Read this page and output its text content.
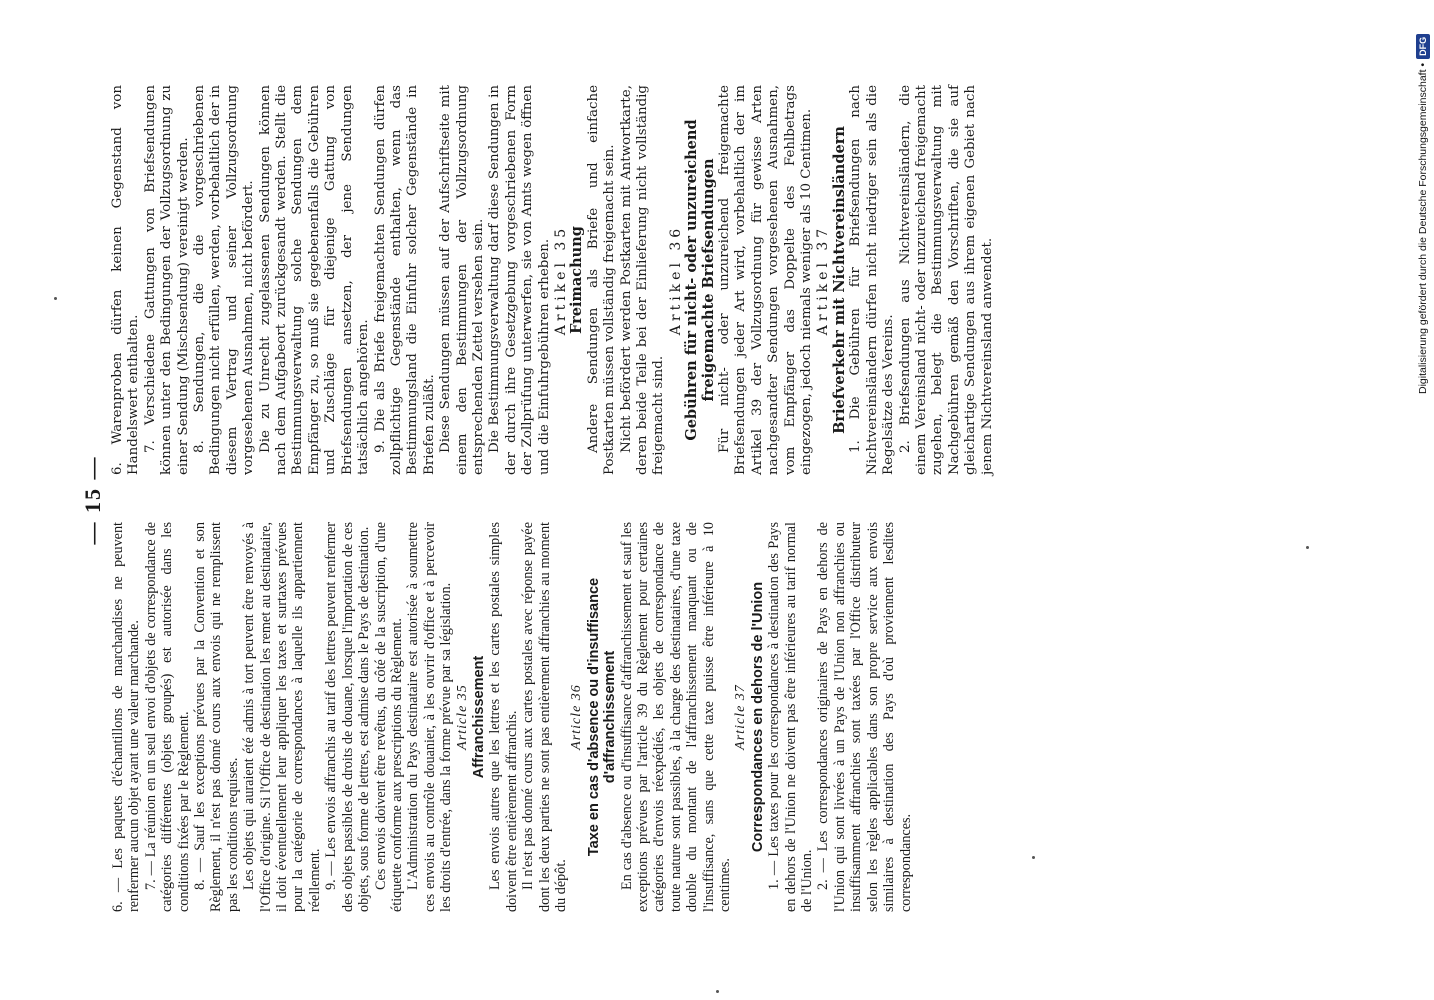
— 15 —

6. — Les paquets d'échantillons de marchandises ne peuvent renfermer aucun objet ayant une valeur marchande. 7. — La réunion en un seul envoi d'objets de correspondance de catégories différentes (objets groupés) est autorisée dans les conditions fixées par le Règlement. 8. — Sauf les exceptions prévues par la Convention et son Règlement, il n'est pas donné cours aux envois qui ne remplissent pas les conditions requises. Les objets qui auraient été admis à tort peuvent être renvoyés à l'Office d'origine. Si l'Office de destination les remet au destinataire, il doit éventuellement leur appliquer les taxes et surtaxes prévues pour la catégorie de correspondances à laquelle ils appartiennent réellement. 9. — Les envois affranchis au tarif des lettres peuvent renfermer des objets passibles de droits de douane, lorsque l'importation de ces objets, sous forme de lettres, est admise dans le Pays de destination. Ces envois doivent être revêtus, du côté de la suscription, d'une étiquette conforme aux prescriptions du Règlement. L'Administration du Pays destinataire est autorisée à soumettre ces envois au contrôle douanier, à les ouvrir d'office et à percevoir les droits d'entrée, dans la forme prévue par sa législation. Article 35 Affranchissement Les envois autres que les lettres et les cartes postales simples doivent être entièrement affranchis. Il n'est pas donné cours aux cartes postales avec réponse payée dont les deux parties ne sont pas entièrement affranchies au moment du dépôt.

Article 36 Taxe en cas d'absence ou d'insuffisance d'affranchissement En cas d'absence ou d'insuffisance d'affranchissement et sauf les exceptions prévues par l'article 39 du Règlement pour certaines catégories d'envois réexpédiés, les objets de correspondance de toute nature sont passibles, à la charge des destinataires, d'une taxe double du montant de l'affranchissement manquant ou de l'insuffisance, sans que cette taxe puisse être inférieure à 10 centimes.

Article 37 Correspondances en dehors de l'Union 1. — Les taxes pour les correspondances à destination des Pays en dehors de l'Union ne doivent pas être inférieures au tarif normal de l'Union. 2. — Les correspondances originaires de Pays en dehors de l'Union qui sont livrées à un Pays de l'Union non affranchies ou insuffisamment affranchies sont taxées par l'Office distributeur selon les règles applicables dans son propre service aux envois similaires à destination des Pays d'où proviennent lesdites correspondances.

6. Warenproben dürfen keinen Gegenstand von Handelswert enthalten. 7. Verschiedene Gattungen von Briefsendungen können unter den Bedingungen der Vollzugsordnung zu einer Sendung (Mischsendung) vereinigt werden. 8. Sendungen, die die vorgeschriebenen Bedingungen nicht erfüllen, werden, vorbehaltlich der in diesem Vertrag und seiner Vollzugsordnung vorgesehenen Ausnahmen, nicht befördert. Die zu Unrecht zugelassenen Sendungen können nach dem Aufgabeort zurückgesandt werden. Stellt die Bestimmungsverwaltung solche Sendungen dem Empfänger zu, so muß sie gegebenenfalls die Gebühren und Zuschläge für diejenige Gattung von Briefsendungen ansetzen, der jene Sendungen tatsächlich angehören. 9. Die als Briefe freigemachten Sendungen dürfen zollpflichtige Gegenstände enthalten, wenn das Bestimmungsland die Einfuhr solcher Gegenstände in Briefen zuläßt. Diese Sendungen müssen auf der Aufschriftseite mit einem den Bestimmungen der Vollzugsordnung entsprechenden Zettel versehen sein. Die Bestimmungsverwaltung darf diese Sendungen in der durch ihre Gesetzgebung vorgeschriebenen Form der Zollprüfung unterwerfen, sie von Amts wegen öffnen und die Einfuhrgebühren erheben. Artikel 35 Freimachung Andere Sendungen als Briefe und einfache Postkarten müssen vollständig freigemacht sein. Nicht befördert werden Postkarten mit Antwortkarte, deren beide Teile bei der Einlieferung nicht vollständig freigemacht sind.

Artikel 36 Gebühren für nicht- oder unzureichend freigemachte Briefsendungen Für nicht- oder unzureichend freigemachte Briefsendungen jeder Art wird, vorbehaltlich der im Artikel 39 der Vollzugsordnung für gewisse Arten nachgesandter Sendungen vorgesehenen Ausnahmen, vom Empfänger das Doppelte des Fehlbetrags eingezogen, jedoch niemals weniger als 10 Centimen. Artikel 37 Briefverkehr mit Nichtvereinsländern 1. Die Gebühren für Briefsendungen nach Nichtvereinsländern dürfen nicht niedriger sein als die Regelsätze des Vereins. 2. Briefsendungen aus Nichtvereinsländern, die einem Vereinsland nicht- oder unzureichend freigemacht zugehen, belegt die Bestimmungsverwaltung mit Nachgebühren gemäß den Vorschriften, die sie auf gleichartige Sendungen aus ihrem eigenen Gebiet nach jenem Nichtvereinsland anwendet.	Digitalisierung gefördert durch die Deutsche Forschungsgemeinschaft •
DFG
